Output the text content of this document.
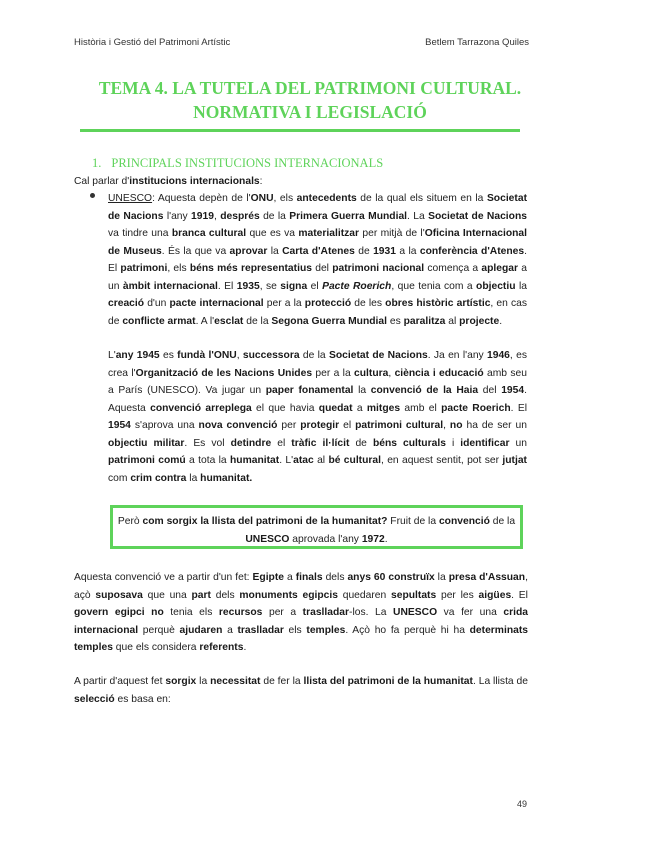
Història i Gestió del Patrimoni Artístic	Betlem Tarrazona Quiles
TEMA 4. LA TUTELA DEL PATRIMONI CULTURAL.
NORMATIVA I LEGISLACIÓ
1. PRINCIPALS INSTITUCIONS INTERNACIONALS
Cal parlar d'institucions internacionals:
UNESCO: Aquesta depèn de l'ONU, els antecedents de la qual els situem en la Societat de Nacions l'any 1919, després de la Primera Guerra Mundial. La Societat de Nacions va tindre una branca cultural que es va materialitzar per mitjà de l'Oficina Internacional de Museus. És la que va aprovar la Carta d'Atenes de 1931 a la conferència d'Atenes. El patrimoni, els béns més representatius del patrimoni nacional comença a aplegar a un àmbit internacional. El 1935, se signa el Pacte Roerich, que tenia com a objectiu la creació d'un pacte internacional per a la protecció de les obres històric artístic, en cas de conflicte armat. A l'esclat de la Segona Guerra Mundial es paralitza al projecte.
L'any 1945 es fundà l'ONU, successora de la Societat de Nacions. Ja en l'any 1946, es crea l'Organització de les Nacions Unides per a la cultura, ciència i educació amb seu a París (UNESCO). Va jugar un paper fonamental la convenció de la Haia del 1954. Aquesta convenció arreplega el que havia quedat a mitges amb el pacte Roerich. El 1954 s'aprova una nova convenció per protegir el patrimoni cultural, no ha de ser un objectiu militar. Es vol detindre el tràfic il·lícit de béns culturals i identificar un patrimoni comú a tota la humanitat. L'atac al bé cultural, en aquest sentit, pot ser jutjat com crim contra la humanitat.
Però com sorgix la llista del patrimoni de la humanitat? Fruit de la convenció de la UNESCO aprovada l'any 1972.
Aquesta convenció ve a partir d'un fet: Egipte a finals dels anys 60 construïx la presa d'Assuan, açò suposava que una part dels monuments egipcis quedaren sepultats per les aigües. El govern egipci no tenia els recursos per a traslladar-los. La UNESCO va fer una crida internacional perquè ajudaren a traslladar els temples. Açò ho fa perquè hi ha determinats temples que els considera referents.
A partir d'aquest fet sorgix la necessitat de fer la llista del patrimoni de la humanitat. La llista de selecció es basa en:
49
